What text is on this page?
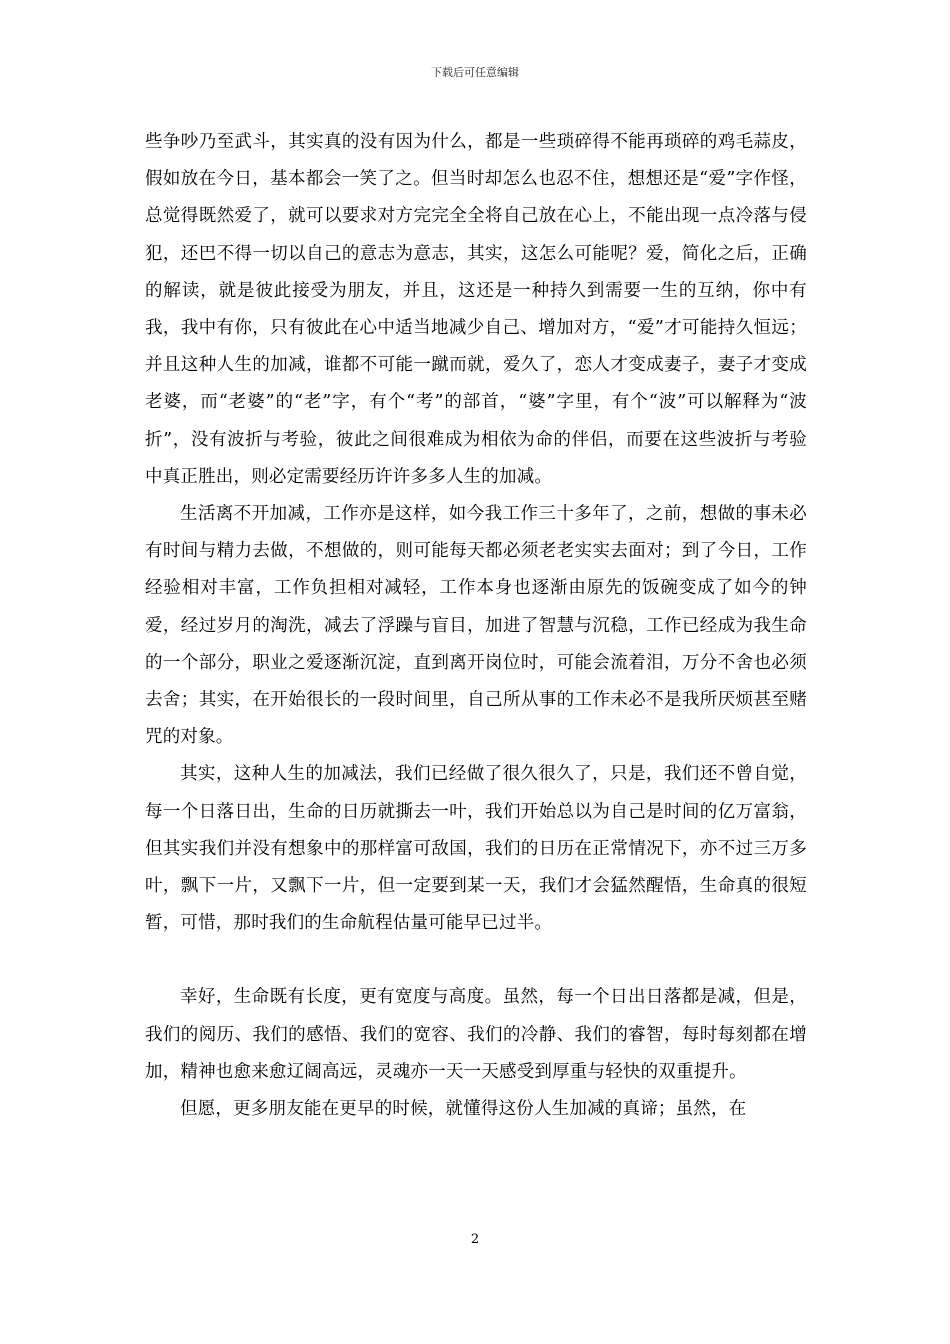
下载后可任意编辑

些争吵乃至武斗，其实真的没有因为什么，都是一些琐碎得不能再琐碎的鸡毛蒜皮，假如放在今日，基本都会一笑了之。但当时却怎么也忍不住，想想还是“爱”字作怪，总觉得既然爱了，就可以要求对方完完全全将自己放在心上，不能出现一点冷落与侵犯，还巴不得一切以自己的意志为意志，其实，这怎么可能呢？爱，简化之后，正确的解读，就是彼此接受为朋友，并且，这还是一种持久到需要一生的互纳，你中有我，我中有你，只有彼此在心中适当地减少自己、增加对方，“爱”才可能持久恒远；并且这种人生的加减，谁都不可能一蹴而就，爱久了，恋人才变成妻子，妻子才变成老婆，而“老婆”的“老”字，有个“考”的部首，“婆”字里，有个“波”可以解释为“波折”，没有波折与考验，彼此之间很难成为相依为命的伴侣，而要在这些波折与考验中真正胜出，则必定需要经历许许多多人生的加减。

生活离不开加减，工作亦是这样，如今我工作三十多年了，之前，想做的事未必有时间与精力去做，不想做的，则可能每天都必须老老实实去面对；到了今日，工作经验相对丰富，工作负担相对减轻，工作本身也逐渐由原先的饭碗变成了如今的钟爱，经过岁月的淘洗，减去了浮躁与盲目，加进了智慧与沉稳，工作已经成为我生命的一个部分，职业之爱逐渐沉淀，直到离开岗位时，可能会流着泪，万分不舍也必须去舍；其实，在开始很长的一段时间里，自己所从事的工作未必不是我所厌烦甚至赌咒的对象。

其实，这种人生的加减法，我们已经做了很久很久了，只是，我们还不曾自觉，每一个日落日出，生命的日历就撕去一叶，我们开始总以为自己是时间的亿万富翁，但其实我们并没有想象中的那样富可敌国，我们的日历在正常情况下，亦不过三万多叶，飘下一片，又飘下一片，但一定要到某一天，我们才会猛然醒悟，生命真的很短暂，可惜，那时我们的生命航程估量可能早已过半。

幸好，生命既有长度，更有宽度与高度。虽然，每一个日出日落都是减，但是，我们的阅历、我们的感悟、我们的宽容、我们的冷静、我们的睿智，每时每刻都在增加，精神也愈来愈辽阔高远，灵魂亦一天一天感受到厚重与轻快的双重提升。

但愿，更多朋友能在更早的时候，就懂得这份人生加减的真谛；虽然，在

2
